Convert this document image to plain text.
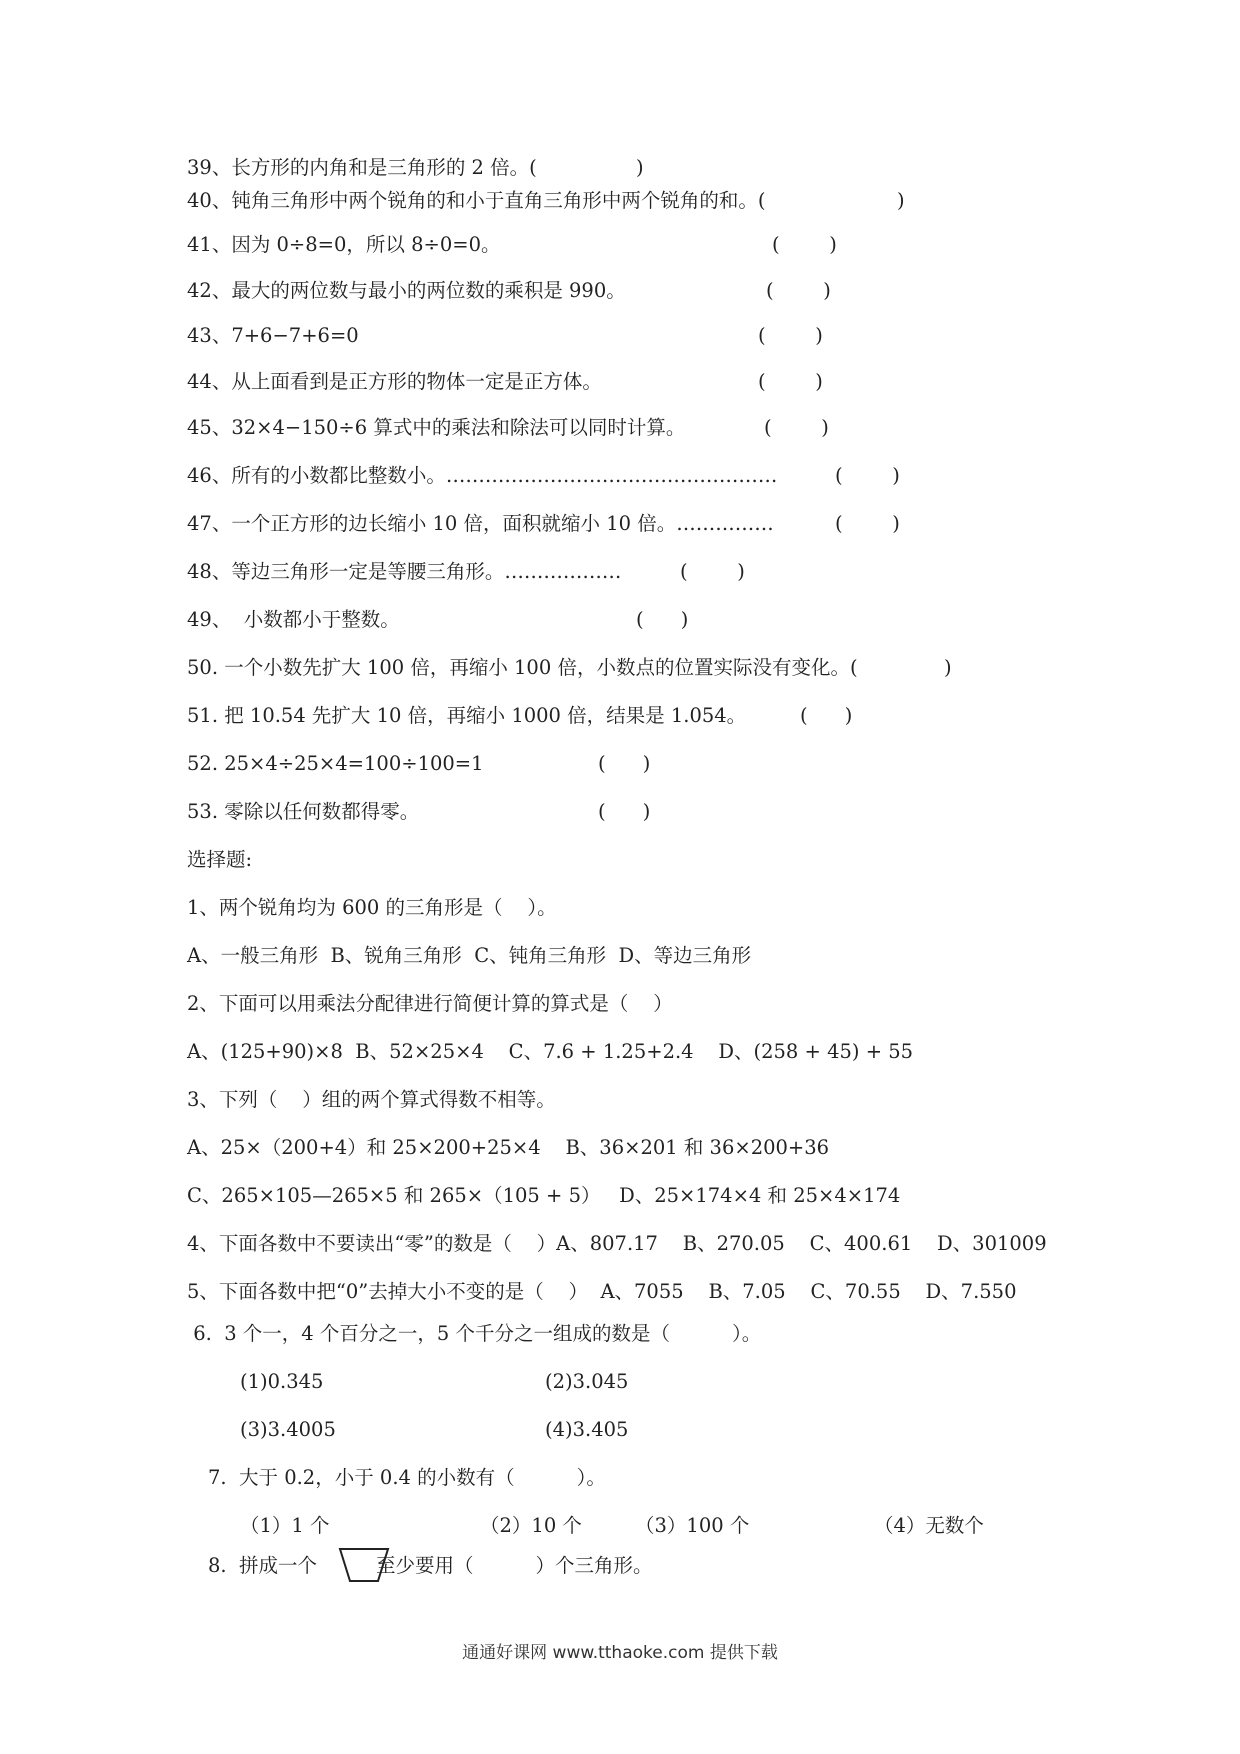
39、长方形的内角和是三角形的 2 倍。(	)
40、钝角三角形中两个锐角的和小于直角三角形中两个锐角的和。(	)
41、因为 0÷8=0，所以 8÷0=0。	(        )
42、最大的两位数与最小的两位数的乘积是 990。	(        )
43、7+6−7+6=0	(        )
44、从上面看到是正方形的物体一定是正方体。	(        )
45、32×4−150÷6 算式中的乘法和除法可以同时计算。	(        )
46、所有的小数都比整数小。……………………………………………	(        )
47、一个正方形的边长缩小 10 倍，面积就缩小 10 倍。……………	(        )
48、等边三角形一定是等腰三角形。………………	(        )
49、  小数都小于整数。	(      )
50. 一个小数先扩大 100 倍，再缩小 100 倍，小数点的位置实际没有变化。(	)
51. 把 10.54 先扩大 10 倍，再缩小 1000 倍，结果是 1.054。	(      )
52. 25×4÷25×4=100÷100=1	(      )
53. 零除以任何数都得零。	(      )
选择题:
1、两个锐角均为 600 的三角形是（    ）。
A、一般三角形  B、锐角三角形  C、钝角三角形  D、等边三角形
2、下面可以用乘法分配律进行简便计算的算式是（    ）
A、(125+90)×8  B、52×25×4    C、7.6 + 1.25+2.4    D、(258 + 45) + 55
3、下列（    ）组的两个算式得数不相等。
A、25×（200+4）和 25×200+25×4    B、36×201 和 36×200+36
C、265×105—265×5 和 265×（105 + 5）   D、25×174×4 和 25×4×174
4、下面各数中不要读出“零”的数是（    ）A、807.17    B、270.05    C、400.61    D、301009
5、下面各数中把“0”去掉大小不变的是（    ）  A、7055    B、7.05    C、70.55    D、7.550
6.  3 个一，4 个百分之一，5 个千分之一组成的数是（          ）。
(1)0.345	(2)3.045
(3)3.4005	(4)3.405
7.  大于 0.2，小于 0.4 的小数有（          ）。
（1）1 个	（2）10 个	（3）100 个	（4）无数个
8.  拼成一个	至少要用（          ）个三角形。
通通好课网 www.tthaoke.com 提供下载
